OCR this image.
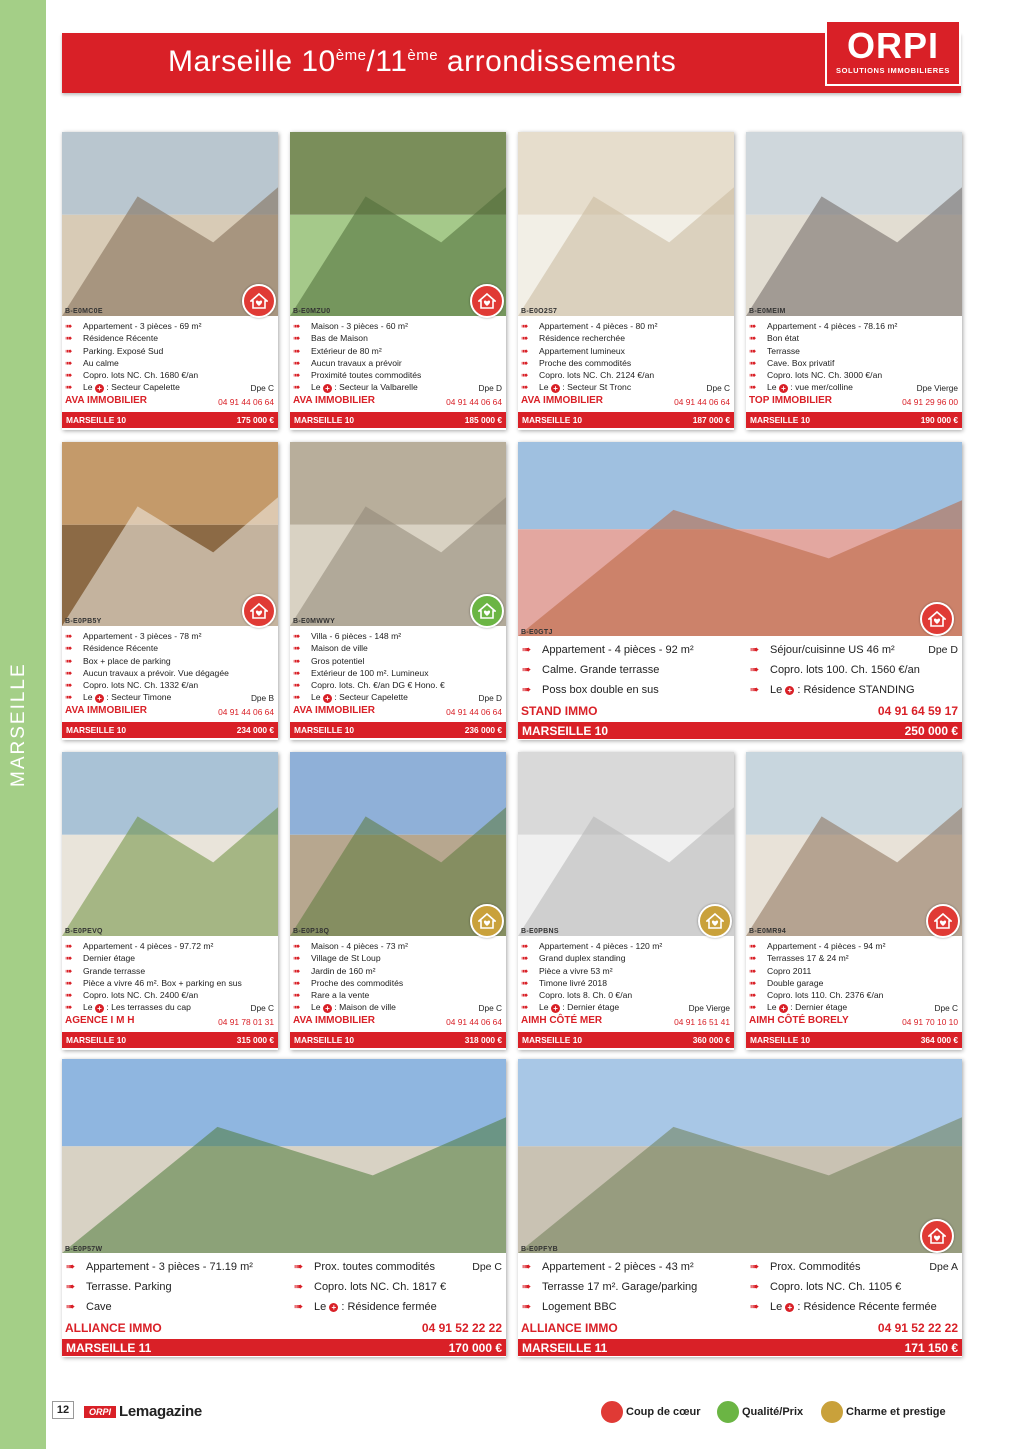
MARSEILLE
Marseille 10ème/11ème arrondissements	ORPI
SOLUTIONS IMMOBILIERES
B-E0MC0E
➠ Appartement - 3 pièces - 69 m²
➠ Résidence Récente
➠ Parking. Exposé Sud
➠ Au calme
➠ Copro. lots NC. Ch. 1680 €/an
➠ Le + : Secteur Capelette	Dpe C
AVA IMMOBILIER	04 91 44 06 64
MARSEILLE 10	175 000 €
B-E0MZU0
➠ Maison - 3 pièces - 60 m²
➠ Bas de Maison
➠ Extérieur de 80 m²
➠ Aucun travaux a prévoir
➠ Proximité toutes commodités
➠ Le + : Secteur la Valbarelle	Dpe D
AVA IMMOBILIER	04 91 44 06 64
MARSEILLE 10	185 000 €
B-E0O2S7
➠ Appartement - 4 pièces - 80 m²
➠ Résidence recherchée
➠ Appartement lumineux
➠ Proche des commodités
➠ Copro. lots NC. Ch. 2124 €/an
➠ Le + : Secteur St Tronc	Dpe C
AVA IMMOBILIER	04 91 44 06 64
MARSEILLE 10	187 000 €
B-E0MEIM
➠ Appartement - 4 pièces - 78.16 m²
➠ Bon état
➠ Terrasse
➠ Cave. Box privatif
➠ Copro. lots NC. Ch. 3000 €/an
➠ Le + : vue mer/colline	Dpe Vierge
TOP IMMOBILIER	04 91 29 96 00
MARSEILLE 10	190 000 €
B-E0PB5Y
➠ Appartement - 3 pièces - 78 m²
➠ Résidence Récente
➠ Box + place de parking
➠ Aucun travaux a prévoir. Vue dégagée
➠ Copro. lots NC. Ch. 1332 €/an
➠ Le + : Secteur Timone	Dpe B
AVA IMMOBILIER	04 91 44 06 64
MARSEILLE 10	234 000 €
B-E0MWWY
➠ Villa - 6 pièces - 148 m²
➠ Maison de ville
➠ Gros potentiel
➠ Extérieur de 100 m². Lumineux
➠ Copro. lots. Ch. €/an DG € Hono. €
➠ Le + : Secteur Capelette	Dpe D
AVA IMMOBILIER	04 91 44 06 64
MARSEILLE 10	236 000 €
B-E0PEVQ
➠ Appartement - 4 pièces - 97.72 m²
➠ Dernier étage
➠ Grande terrasse
➠ Pièce a vivre 46 m². Box + parking en sus
➠ Copro. lots NC. Ch. 2400 €/an
➠ Le + : Les terrasses du cap	Dpe C
AGENCE I M H	04 91 78 01 31
MARSEILLE 10	315 000 €
B-E0P18Q
➠ Maison - 4 pièces - 73 m²
➠ Village de St Loup
➠ Jardin de 160 m²
➠ Proche des commodités
➠ Rare a la vente
➠ Le + : Maison de ville	Dpe C
AVA IMMOBILIER	04 91 44 06 64
MARSEILLE 10	318 000 €
B-E0PBNS
➠ Appartement - 4 pièces - 120 m²
➠ Grand duplex standing
➠ Pièce a vivre 53 m²
➠ Timone livré 2018
➠ Copro. lots 8. Ch. 0 €/an
➠ Le + : Dernier étage	Dpe Vierge
AIMH CÔTÉ MER	04 91 16 51 41
MARSEILLE 10	360 000 €
B-E0MR94
➠ Appartement - 4 pièces - 94 m²
➠ Terrasses 17 & 24 m²
➠ Copro 2011
➠ Double garage
➠ Copro. lots 110. Ch. 2376 €/an
➠ Le + : Dernier étage	Dpe C
AIMH CÔTÉ BORELY	04 91 70 10 10
MARSEILLE 10	364 000 €
B-E0GTJ
➠ Appartement - 4 pièces - 92 m²
➠ Calme. Grande terrasse
➠ Poss box double en sus
➠ Séjour/cuisinne US 46 m²
➠ Copro. lots 100. Ch. 1560 €/an
➠ Le + : Résidence STANDING
Dpe D
STAND IMMO	04 91 64 59 17
MARSEILLE 10	250 000 €
B-E0P57W
➠ Appartement - 3 pièces - 71.19 m²
➠ Terrasse. Parking
➠ Cave
➠ Prox. toutes commodités
➠ Copro. lots NC. Ch. 1817 €
➠ Le + : Résidence fermée
Dpe C
ALLIANCE IMMO	04 91 52 22 22
MARSEILLE 11	170 000 €
B-E0PFYB
➠ Appartement - 2 pièces - 43 m²
➠ Terrasse 17 m². Garage/parking
➠ Logement BBC
➠ Prox. Commodités
➠ Copro. lots NC. Ch. 1105 €
➠ Le + : Résidence Récente fermée
Dpe A
ALLIANCE IMMO	04 91 52 22 22
MARSEILLE 11	171 150 €
12	ORPI Lemagazine	Coup de cœur	Qualité/Prix	Charme et prestige
